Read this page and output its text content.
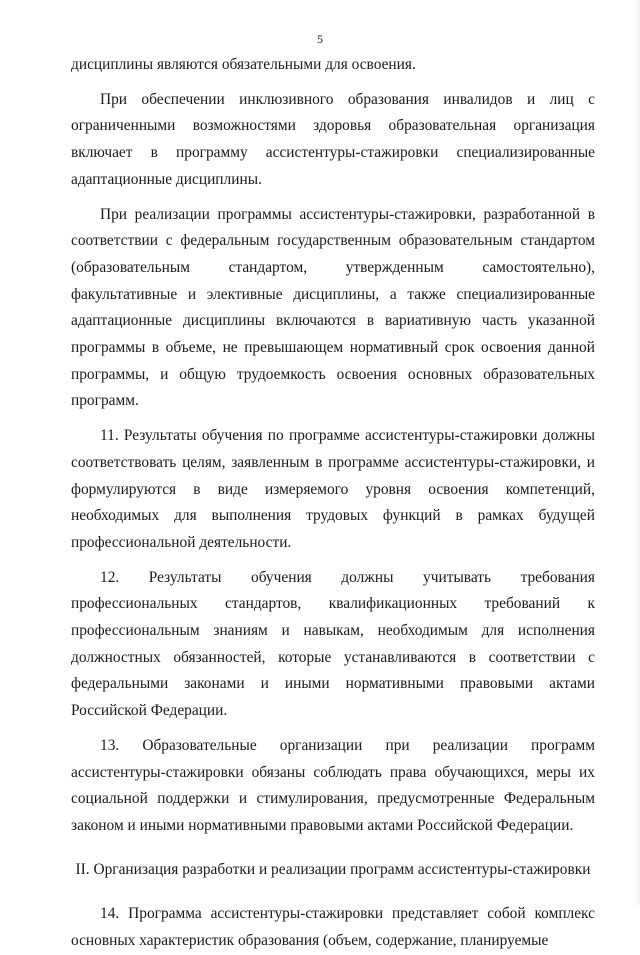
5

дисциплины являются обязательными для освоения.

При обеспечении инклюзивного образования инвалидов и лиц с ограниченными возможностями здоровья образовательная организация включает в программу ассистентуры-стажировки специализированные адаптационные дисциплины.

При реализации программы ассистентуры-стажировки, разработанной в соответствии с федеральным государственным образовательным стандартом (образовательным стандартом, утвержденным самостоятельно), факультативные и элективные дисциплины, а также специализированные адаптационные дисциплины включаются в вариативную часть указанной программы в объеме, не превышающем нормативный срок освоения данной программы, и общую трудоемкость освоения основных образовательных программ.

11. Результаты обучения по программе ассистентуры-стажировки должны соответствовать целям, заявленным в программе ассистентуры-стажировки, и формулируются в виде измеряемого уровня освоения компетенций, необходимых для выполнения трудовых функций в рамках будущей профессиональной деятельности.

12. Результаты обучения должны учитывать требования профессиональных стандартов, квалификационных требований к профессиональным знаниям и навыкам, необходимым для исполнения должностных обязанностей, которые устанавливаются в соответствии с федеральными законами и иными нормативными правовыми актами Российской Федерации.

13. Образовательные организации при реализации программ ассистентуры-стажировки обязаны соблюдать права обучающихся, меры их социальной поддержки и стимулирования, предусмотренные Федеральным законом и иными нормативными правовыми актами Российской Федерации.

II. Организация разработки и реализации программ ассистентуры-стажировки

14. Программа ассистентуры-стажировки представляет собой комплекс основных характеристик образования (объем, содержание, планируемые
